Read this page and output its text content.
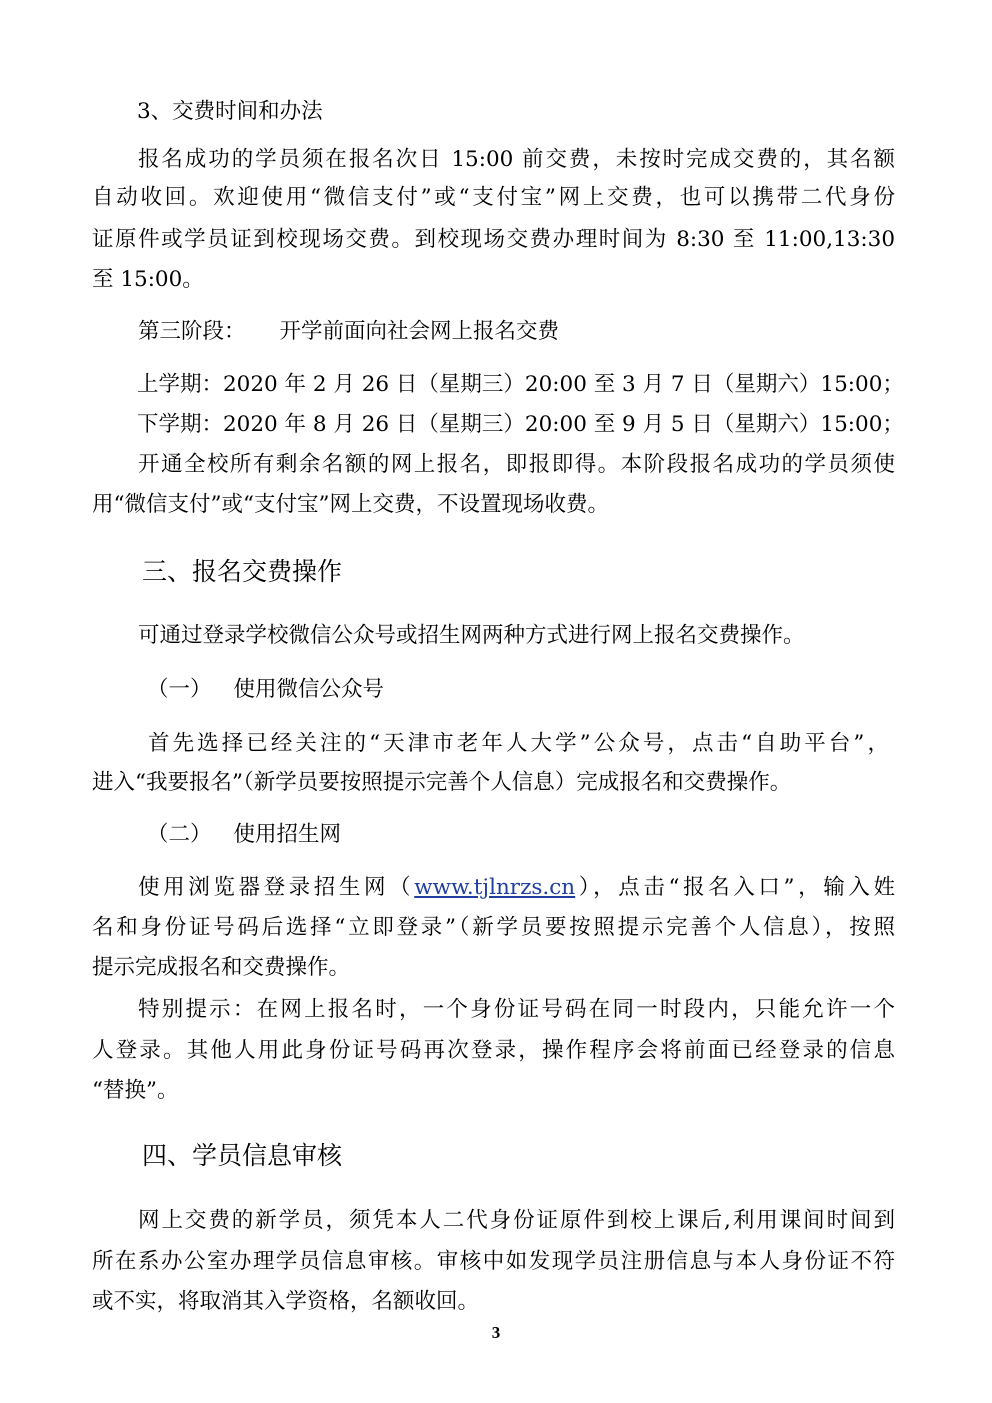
3、交费时间和办法
报名成功的学员须在报名次日 15:00 前交费，未按时完成交费的，其名额
自动收回。欢迎使用“微信支付”或“支付宝”网上交费，也可以携带二代身份
证原件或学员证到校现场交费。到校现场交费办理时间为 8:30 至 11:00,13:30
至 15:00。
第三阶段： 开学前面向社会网上报名交费
上学期：2020 年 2 月 26 日（星期三）20:00 至 3 月 7 日（星期六）15:00；
下学期：2020 年 8 月 26 日（星期三）20:00 至 9 月 5 日（星期六）15:00；
开通全校所有剩余名额的网上报名，即报即得。本阶段报名成功的学员须使
用“微信支付”或“支付宝”网上交费，不设置现场收费。
三、报名交费操作
可通过登录学校微信公众号或招生网两种方式进行网上报名交费操作。
（一） 使用微信公众号
首先选择已经关注的“天津市老年人大学”公众号，点击“自助平台”，
进入“我要报名”（新学员要按照提示完善个人信息）完成报名和交费操作。
（二） 使用招生网
使用浏览器登录招生网（www.tjlnrzs.cn），点击“报名入口”，输入姓
名和身份证号码后选择“立即登录”（新学员要按照提示完善个人信息），按照
提示完成报名和交费操作。
特别提示：在网上报名时，一个身份证号码在同一时段内，只能允许一个
人登录。其他人用此身份证号码再次登录，操作程序会将前面已经登录的信息
“替换”。
四、学员信息审核
网上交费的新学员，须凭本人二代身份证原件到校上课后,利用课间时间到
所在系办公室办理学员信息审核。审核中如发现学员注册信息与本人身份证不符
或不实，将取消其入学资格，名额收回。
3
